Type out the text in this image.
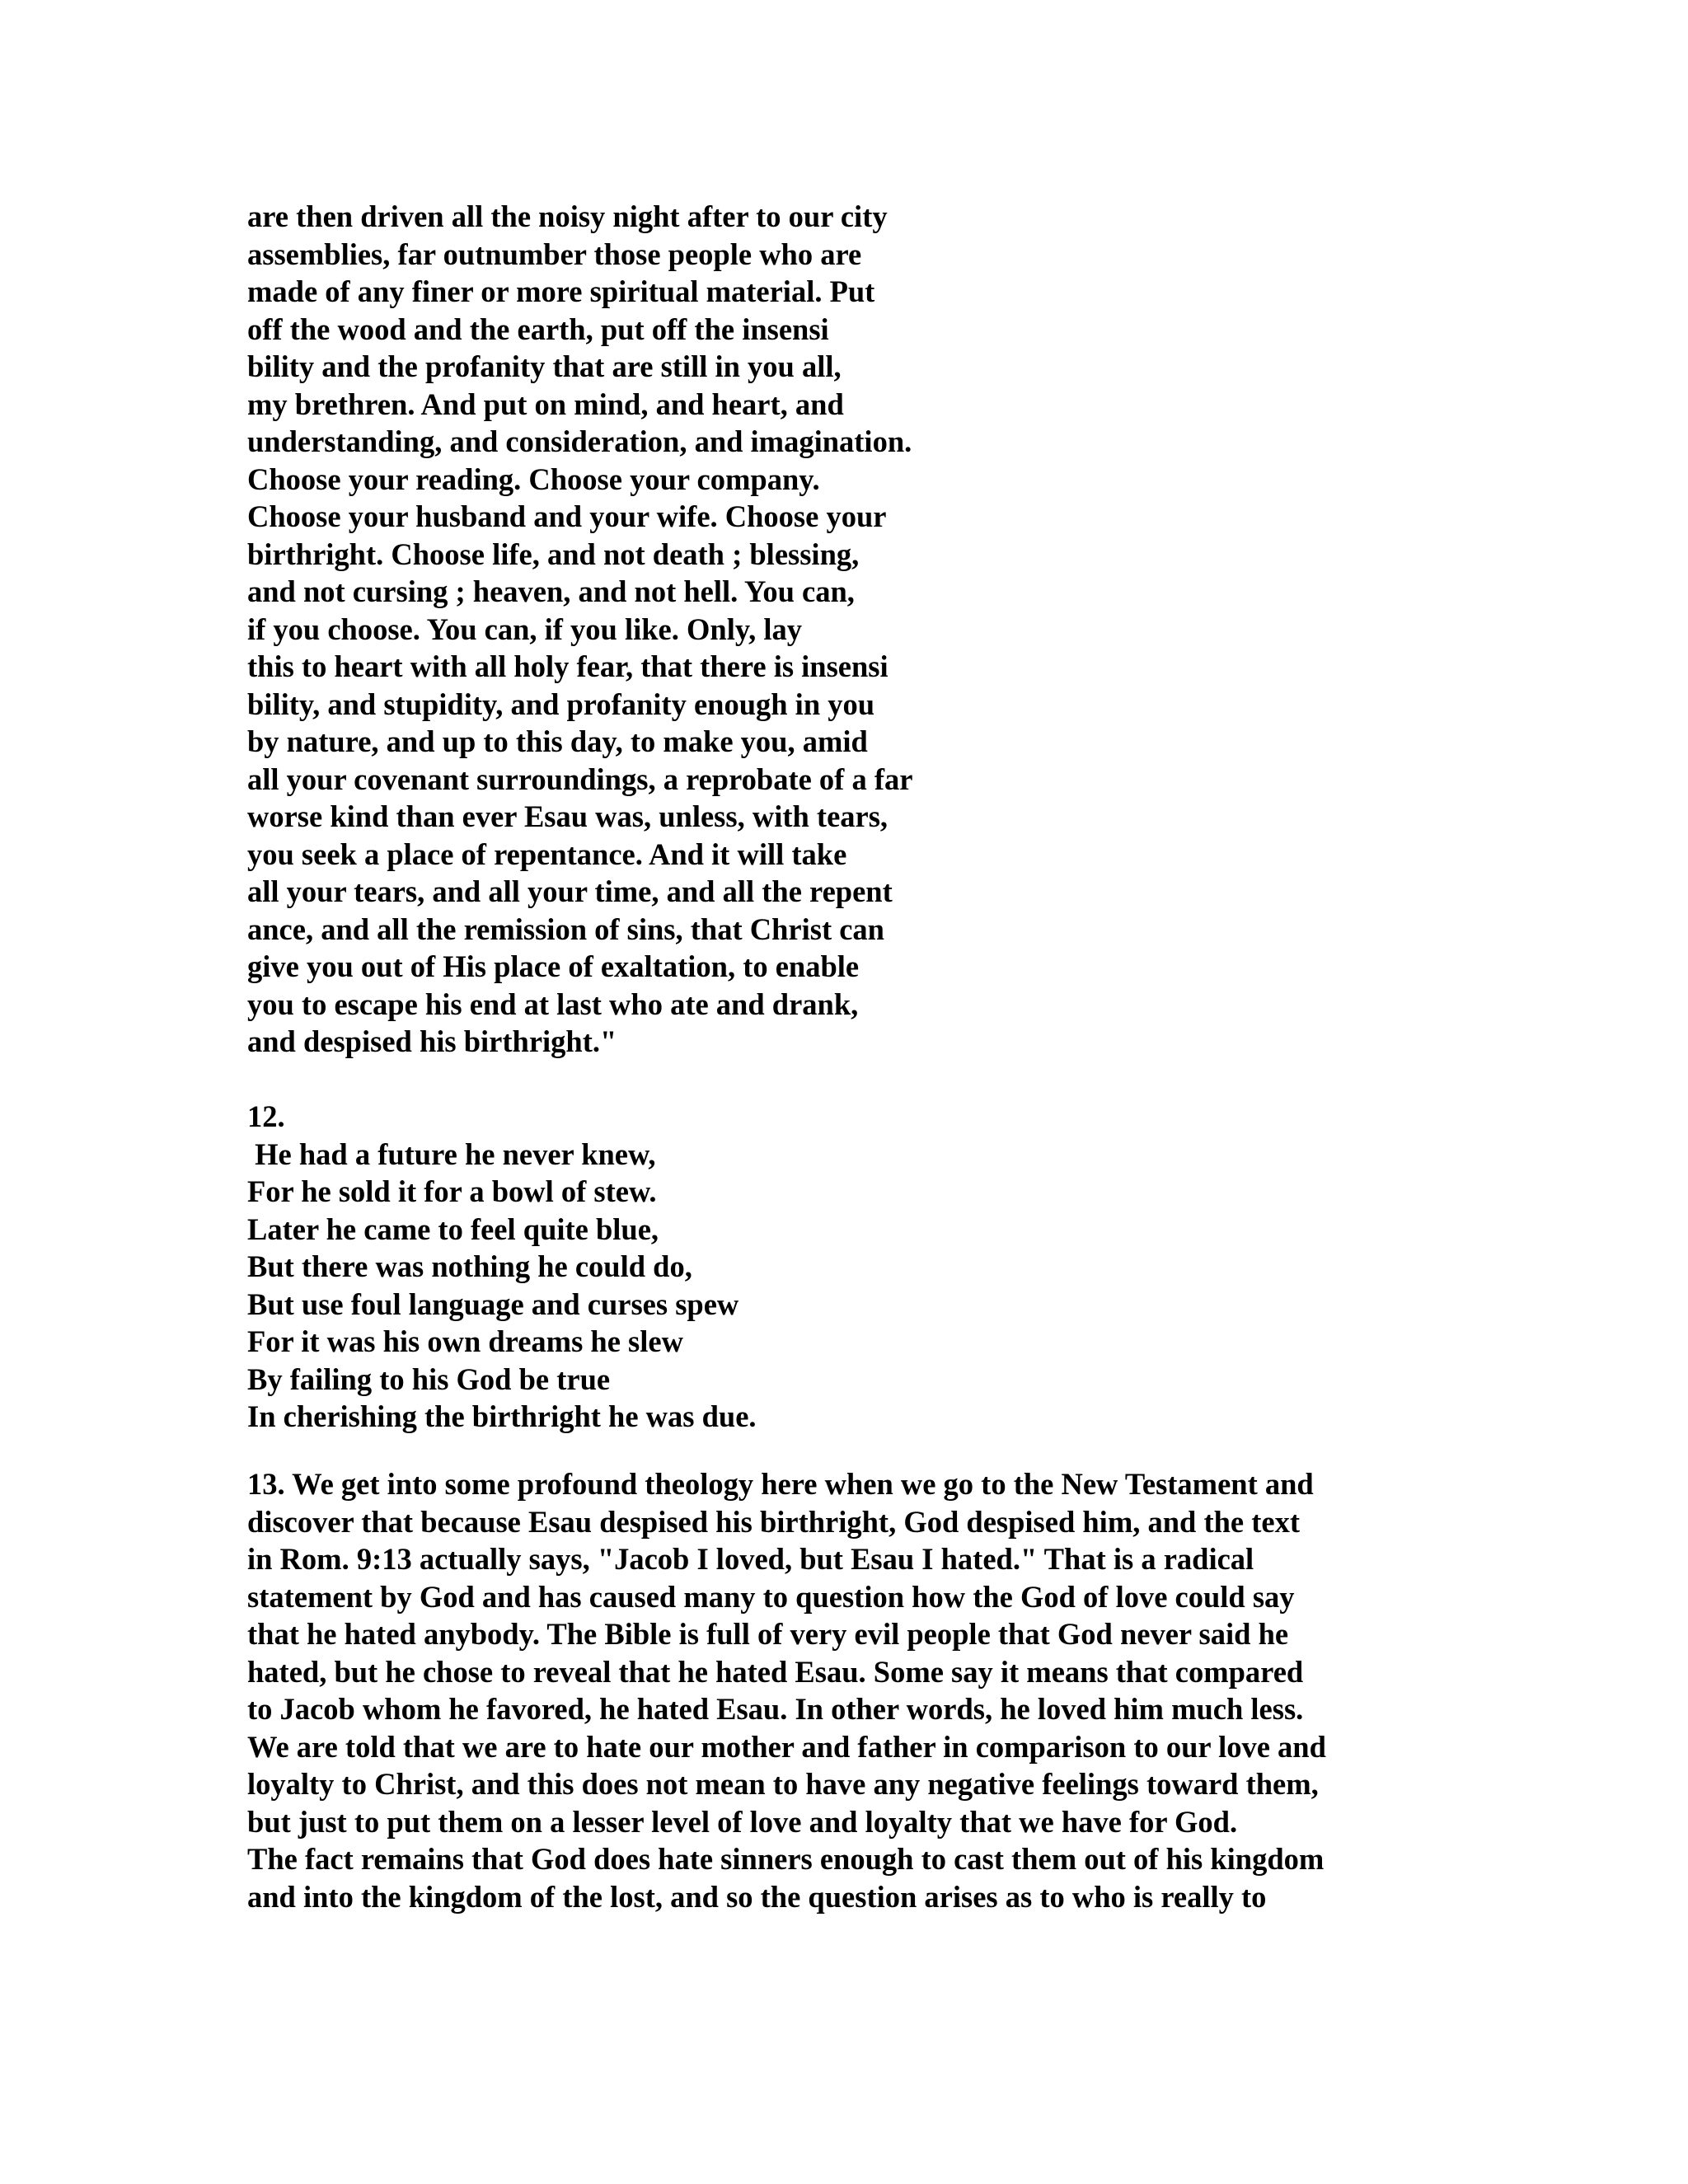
are then driven all the noisy night after to our city
assemblies, far outnumber those people who are
made of any finer or more spiritual material. Put
off the wood and the earth, put off the insensi
bility and the profanity that are still in you all,
my brethren. And put on mind, and heart, and
understanding, and consideration, and imagination.
Choose your reading. Choose your company.
Choose your husband and your wife. Choose your
birthright. Choose life, and not death ; blessing,
and not cursing ; heaven, and not hell. You can,
if you choose. You can, if you like. Only, lay
this to heart with all holy fear, that there is insensi
bility, and stupidity, and profanity enough in you
by nature, and up to this day, to make you, amid
all your covenant surroundings, a reprobate of a far
worse kind than ever Esau was, unless, with tears,
you seek a place of repentance. And it will take
all your tears, and all your time, and all the repent
ance, and all the remission of sins, that Christ can
give you out of His place of exaltation, to enable
you to escape his end at last who ate and drank,
and despised his birthright."
12.
He had a future he never knew,
For he sold it for a bowl of stew.
Later he came to feel quite blue,
But there was nothing he could do,
But use foul language and curses spew
For it was his own dreams he slew
By failing to his God be true
In cherishing the birthright he was due.
13. We get into some profound theology here when we go to the New Testament and
discover that because Esau despised his birthright, God despised him, and the text
in Rom. 9:13 actually says, "Jacob I loved, but Esau I hated." That is a radical
statement by God and has caused many to question how the God of love could say
that he hated anybody. The Bible is full of very evil people that God never said he
hated, but he chose to reveal that he hated Esau. Some say it means that compared
to Jacob whom he favored, he hated Esau. In other words, he loved him much less.
We are told that we are to hate our mother and father in comparison to our love and
loyalty to Christ, and this does not mean to have any negative feelings toward them,
but just to put them on a lesser level of love and loyalty that we have for God.
The fact remains that God does hate sinners enough to cast them out of his kingdom
and into the kingdom of the lost, and so the question arises as to who is really to
